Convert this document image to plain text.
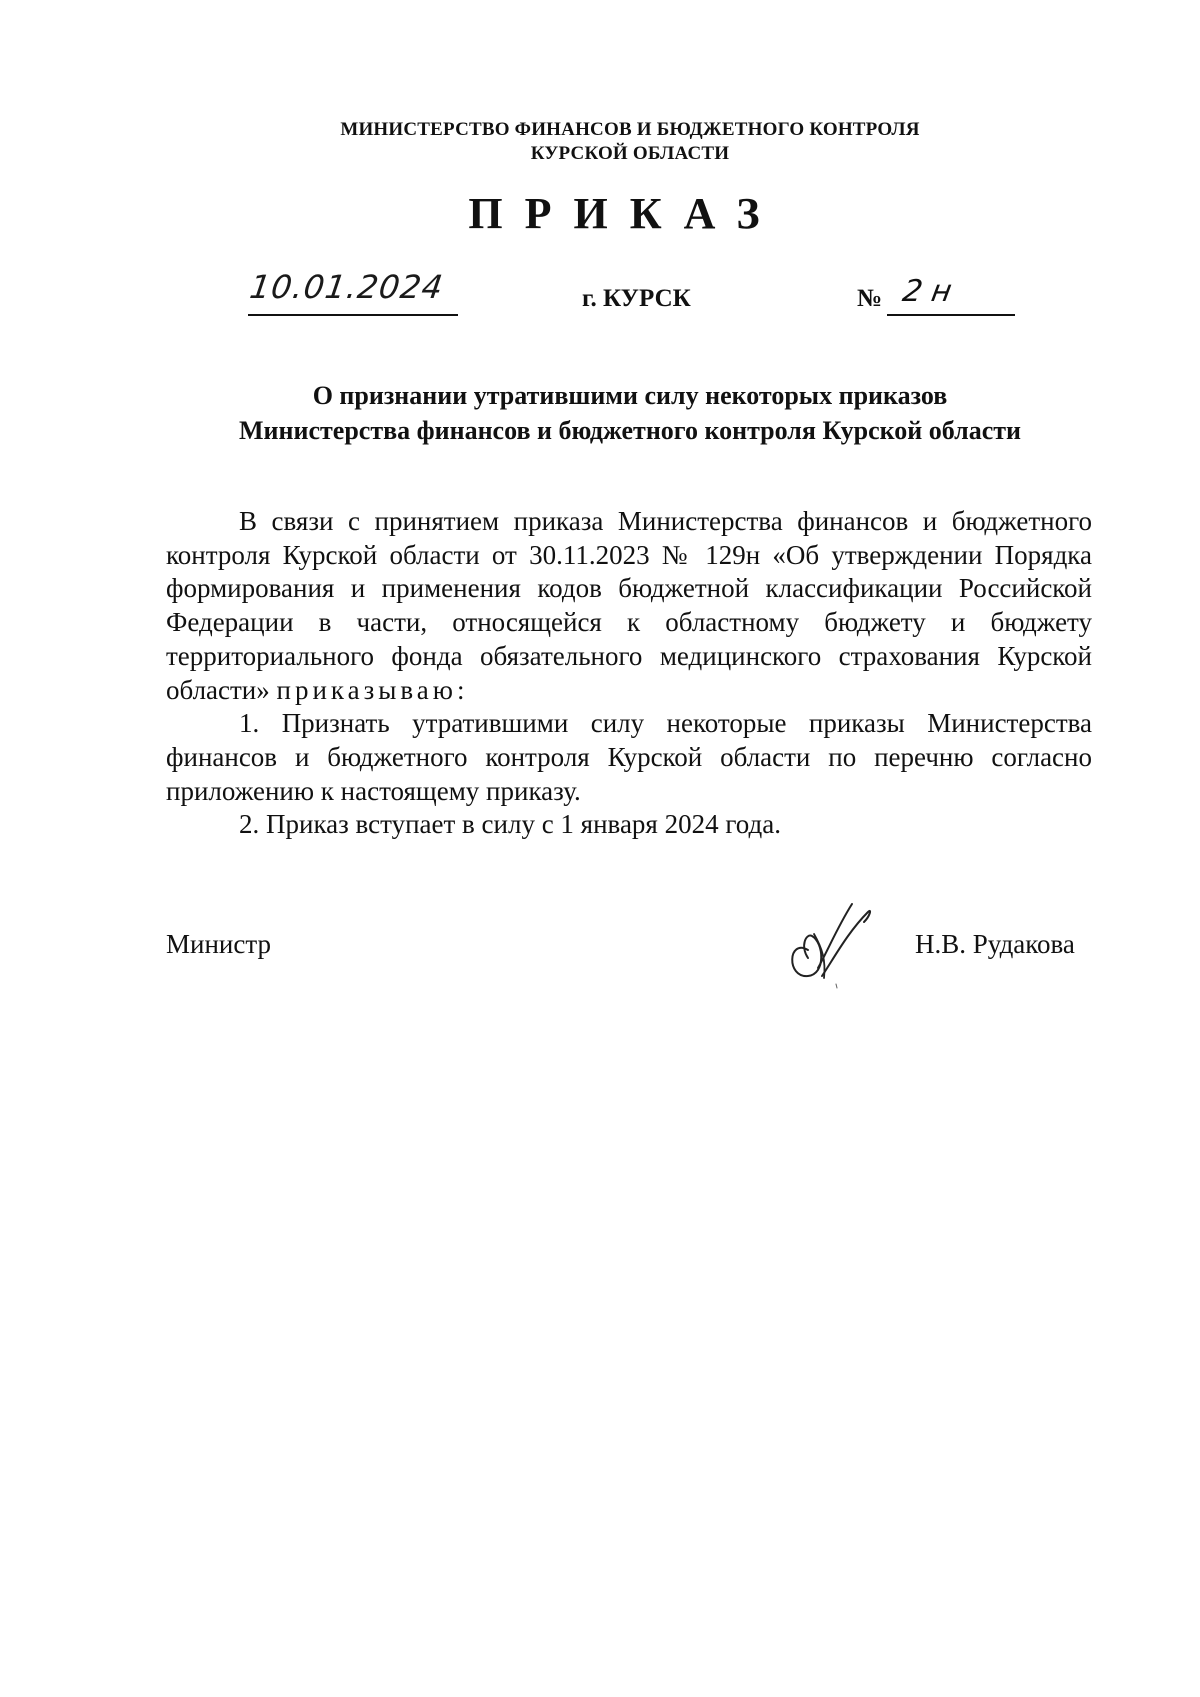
МИНИСТЕРСТВО ФИНАНСОВ И БЮДЖЕТНОГО КОНТРОЛЯ
КУРСКОЙ ОБЛАСТИ
ПРИКАЗ
10.01.2024	г. КУРСК	№ 2 н
О признании утратившими силу некоторых приказов
Министерства финансов и бюджетного контроля Курской области

В связи с принятием приказа Министерства финансов и бюджетного контроля Курской области от 30.11.2023 № 129н «Об утверждении Порядка формирования и применения кодов бюджетной классификации Российской Федерации в части, относящейся к областному бюджету и бюджету территориального фонда обязательного медицинского страхования Курской области» приказываю:

1. Признать утратившими силу некоторые приказы Министерства финансов и бюджетного контроля Курской области по перечню согласно приложению к настоящему приказу.

2. Приказ вступает в силу с 1 января 2024 года.

Министр	Н.В. Рудакова
